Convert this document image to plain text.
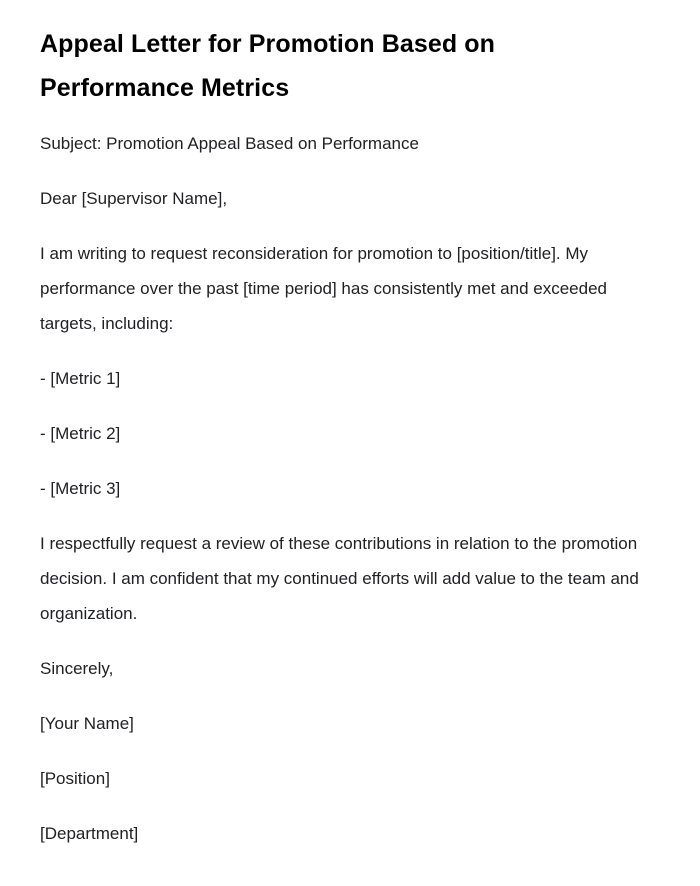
Appeal Letter for Promotion Based on Performance Metrics

Subject: Promotion Appeal Based on Performance

Dear [Supervisor Name],

I am writing to request reconsideration for promotion to [position/title]. My performance over the past [time period] has consistently met and exceeded targets, including:

- [Metric 1]

- [Metric 2]

- [Metric 3]

I respectfully request a review of these contributions in relation to the promotion decision. I am confident that my continued efforts will add value to the team and organization.

Sincerely,

[Your Name]

[Position]

[Department]
